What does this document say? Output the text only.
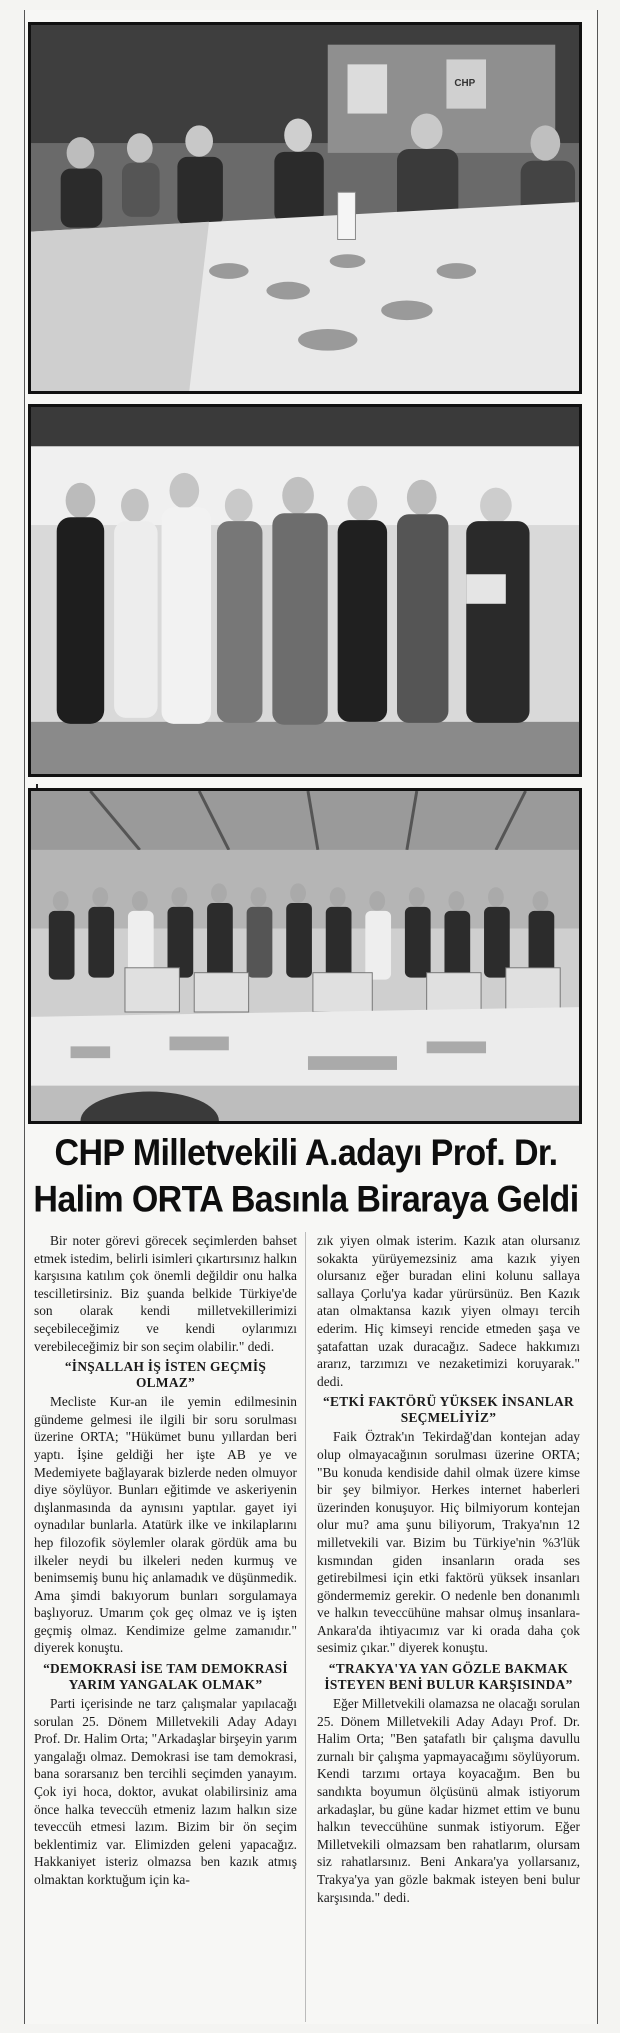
CHP
CHP Milletvekili A.adayı Prof. Dr.
Halim ORTA Basınla Biraraya Geldi

Bir noter görevi görecek seçimlerden bahset etmek istedim, belirli isimleri çıkartırsınız halkın karşısına katılım çok önemli değildir onu halka tescilletirsiniz. Biz şuanda belkide Türkiye'de son olarak kendi milletvekillerimizi seçebileceğimiz ve kendi oylarımızı verebileceğimiz bir son seçim olabilir." dedi.

“İNŞALLAH İŞ İSTEN GEÇMİŞ OLMAZ”

Mecliste Kur-an ile yemin edilmesinin gündeme gelmesi ile ilgili bir soru sorulması üzerine ORTA; "Hükümet bunu yıllardan beri yaptı. İşine geldiği her işte AB ye ve Medemiyete bağlayarak bizlerde neden olmuyor diye söylüyor. Bunları eğitimde ve askeriyenin dışlanmasında da aynısını yaptılar. gayet iyi oynadılar bunlarla. Atatürk ilke ve inkilaplarını hep filozofik söylemler olarak gördük ama bu ilkeler neydi bu ilkeleri neden kurmuş ve benimsemiş bunu hiç anlamadık ve düşünmedik. Ama şimdi bakıyorum bunları sorgulamaya başlıyoruz. Umarım çok geç olmaz ve iş işten geçmiş olmaz. Kendimize gelme zamanıdır." diyerek konuştu.

“DEMOKRASİ İSE TAM DEMOKRASİ YARIM YANGALAK OLMAK”

Parti içerisinde ne tarz çalışmalar yapılacağı sorulan 25. Dönem Milletvekili Aday Adayı Prof. Dr. Halim Orta; "Arkadaşlar birşeyin yarım yangalağı olmaz. Demokrasi ise tam demokrasi, bana sorarsanız ben tercihli seçimden yanayım. Çok iyi hoca, doktor, avukat olabilirsiniz ama önce halka teveccüh etmeniz lazım halkın size teveccüh etmesi lazım. Bizim bir ön seçim beklentimiz var. Elimizden geleni yapacağız. Hakkaniyet isteriz olmazsa ben kazık atmış olmaktan korktuğum için ka-

zık yiyen olmak isterim. Kazık atan olursanız sokakta yürüyemezsiniz ama kazık yiyen olursanız eğer buradan elini kolunu sallaya sallaya Çorlu'ya kadar yürürsünüz. Ben Kazık atan olmaktansa kazık yiyen olmayı tercih ederim. Hiç kimseyi rencide etmeden şaşa ve şatafattan uzak duracağız. Sadece hakkımızı ararız, tarzımızı ve nezaketimizi koruyarak." dedi.

“ETKİ FAKTÖRÜ YÜKSEK İNSANLAR SEÇMELİYİZ”

Faik Öztrak'ın Tekirdağ'dan kontejan aday olup olmayacağının sorulması üzerine ORTA; "Bu konuda kendiside dahil olmak üzere kimse bir şey bilmiyor. Herkes internet haberleri üzerinden konuşuyor. Hiç bilmiyorum kontejan olur mu? ama şunu biliyorum, Trakya'nın 12 milletvekili var. Bizim bu Türkiye'nin %3'lük kısmından giden insanların orada ses getirebilmesi için etki faktörü yüksek insanları göndermemiz gerekir. O nedenle ben donanımlı ve halkın teveccühüne mahsar olmuş insanlara-Ankara'da ihtiyacımız var ki orada daha çok sesimiz çıkar." diyerek konuştu.

“TRAKYA'YA YAN GÖZLE BAKMAK İSTEYEN BENİ BULUR KARŞISINDA”

Eğer Milletvekili olamazsa ne olacağı sorulan 25. Dönem Milletvekili Aday Adayı Prof. Dr. Halim Orta; "Ben şatafatlı bir çalışma davullu zurnalı bir çalışma yapmayacağımı söylüyorum. Kendi tarzımı ortaya koyacağım. Ben bu sandıkta boyumun ölçüsünü almak istiyorum arkadaşlar, bu güne kadar hizmet ettim ve bunu halkın teveccühüne sunmak istiyorum. Eğer Milletvekili olmazsam ben rahatlarım, olursam siz rahatlarsınız. Beni Ankara'ya yollarsanız, Trakya'ya yan gözle bakmak isteyen beni bulur karşısında." dedi.
